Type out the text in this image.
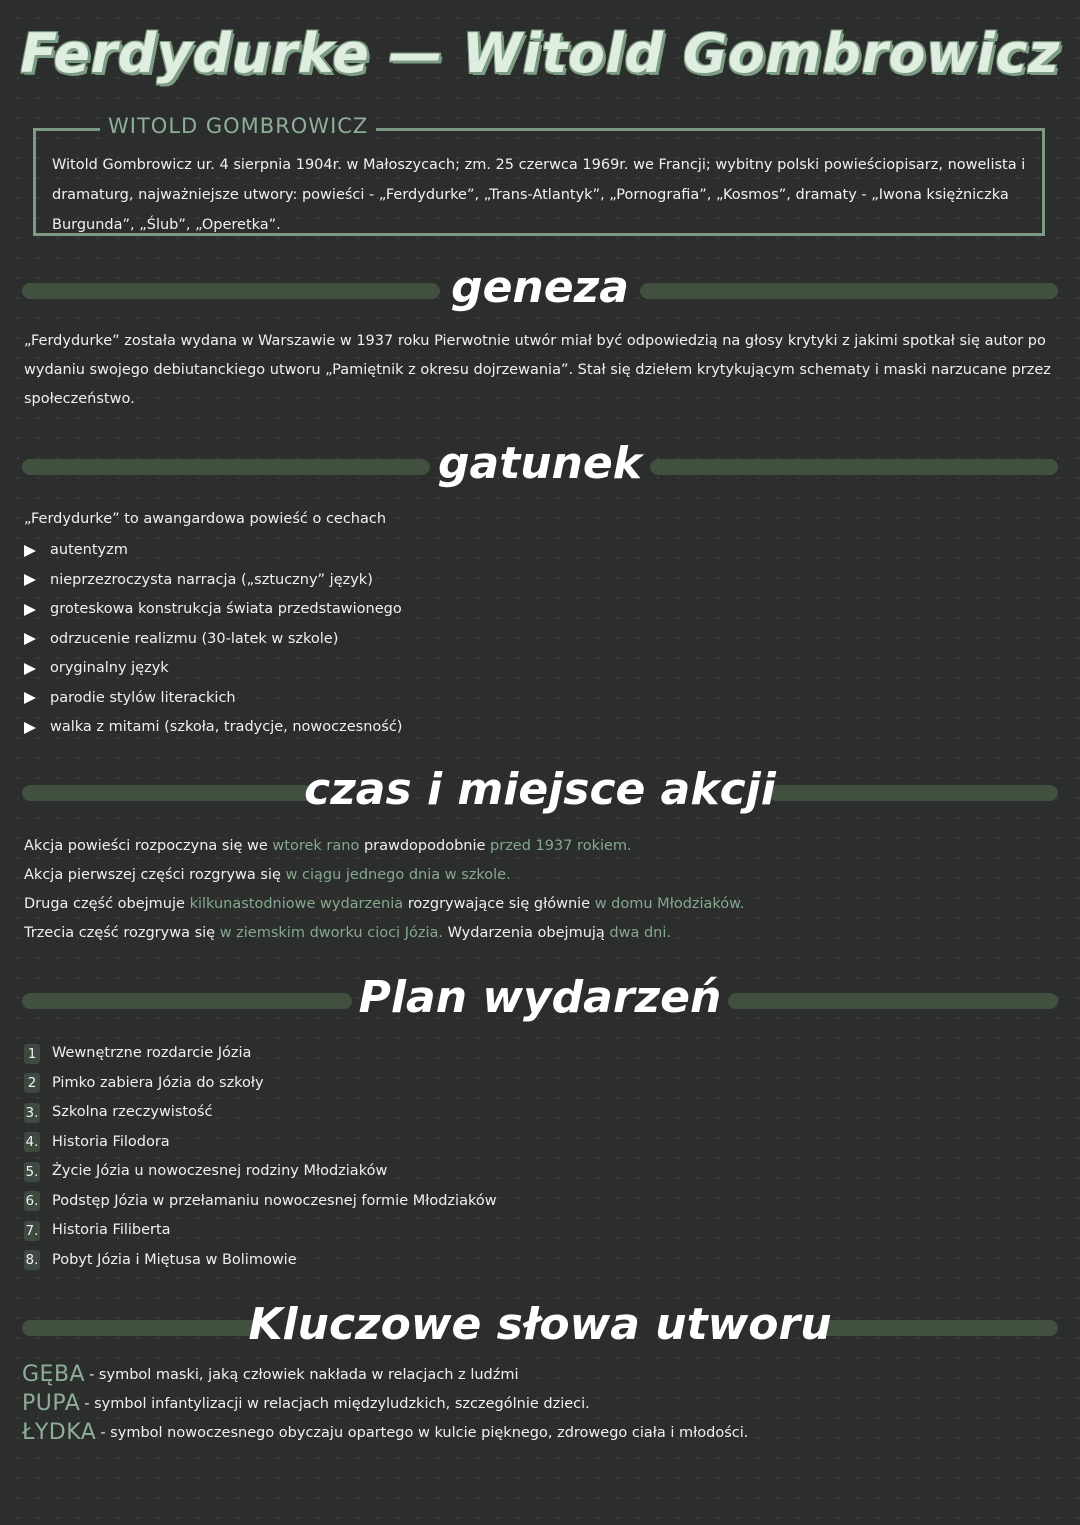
Ferdydurke — Witold Gombrowicz
WITOLD GOMBROWICZ
Witold Gombrowicz ur. 4 sierpnia 1904r. w Małoszycach; zm. 25 czerwca 1969r. we Francji; wybitny polski powieściopisarz, nowelista i dramaturg, najważniejsze utwory: powieści - „Ferdydurke”, „Trans-Atlantyk”, „Pornografia”, „Kosmos”, dramaty - „Iwona księżniczka Burgunda”, „Ślub”, „Operetka”.
geneza
„Ferdydurke” została wydana w Warszawie w 1937 roku Pierwotnie utwór miał być odpowiedzią na głosy krytyki z jakimi spotkał się autor po wydaniu swojego debiutanckiego utworu „Pamiętnik z okresu dojrzewania”. Stał się dziełem krytykującym schematy i maski narzucane przez społeczeństwo.
gatunek
„Ferdydurke” to awangardowa powieść o cechach
autentyzm
nieprzezroczysta narracja („sztuczny” język)
groteskowa konstrukcja świata przedstawionego
odrzucenie realizmu (30-latek w szkole)
oryginalny język
parodie stylów literackich
walka z mitami (szkoła, tradycje, nowoczesność)
czas i miejsce akcji
Akcja powieści rozpoczyna się we wtorek rano prawdopodobnie przed 1937 rokiem.
Akcja pierwszej części rozgrywa się w ciągu jednego dnia w szkole.
Druga część obejmuje kilkunastodniowe wydarzenia rozgrywające się głównie w domu Młodziaków.
Trzecia część rozgrywa się w ziemskim dworku cioci Józia. Wydarzenia obejmują dwa dni.
Plan wydarzeń
1 Wewnętrzne rozdarcie Józia
2 Pimko zabiera Józia do szkoły
3. Szkolna rzeczywistość
4. Historia Filodora
5. Życie Józia u nowoczesnej rodziny Młodziaków
6. Podstęp Józia w przełamaniu nowoczesnej formie Młodziaków
7. Historia Filiberta
8. Pobyt Józia i Miętusa w Bolimowie
Kluczowe słowa utworu
GĘBA - symbol maski, jaką człowiek nakłada w relacjach z ludźmi
PUPA - symbol infantylizacji w relacjach międzyludzkich, szczególnie dzieci.
ŁYDKA - symbol nowoczesnego obyczaju opartego w kulcie pięknego, zdrowego ciała i młodości.
